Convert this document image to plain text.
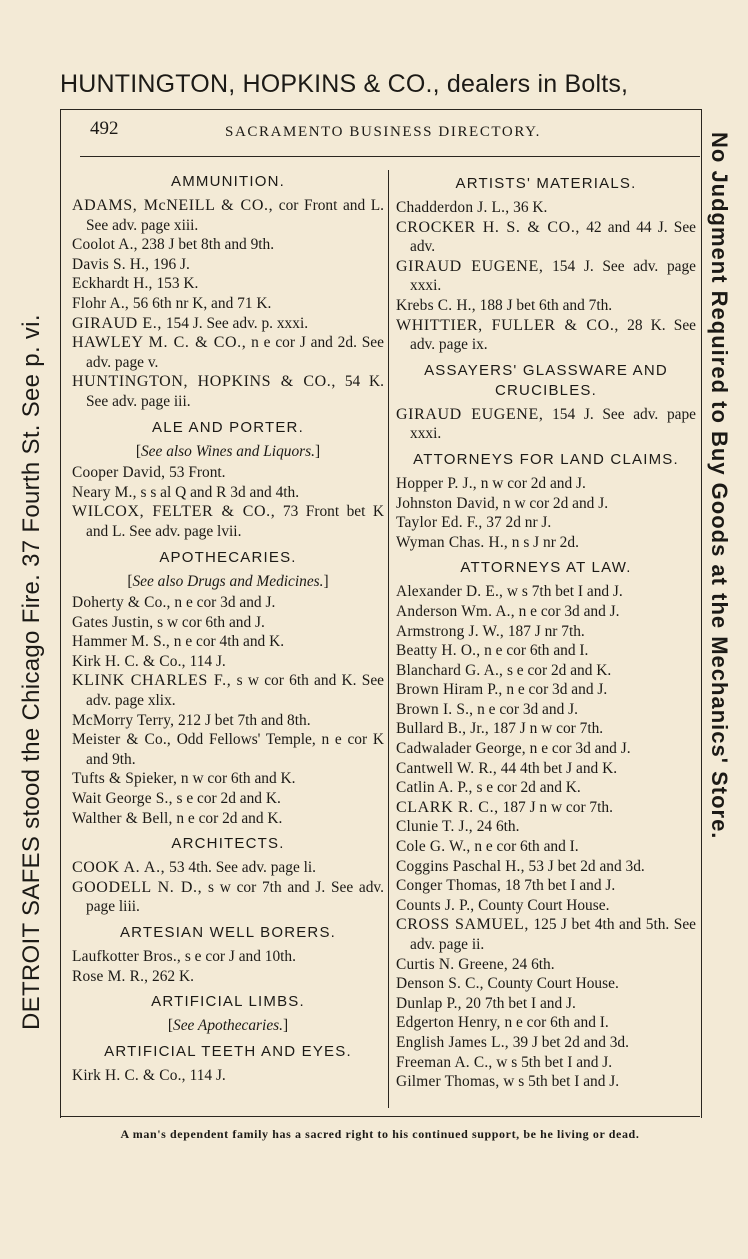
HUNTINGTON, HOPKINS & CO., dealers in Bolts,
DETROIT SAFES stood the Chicago Fire. 37 Fourth St. See p. vi.	No Judgment Required to Buy Goods at the Mechanics' Store.
492	SACRAMENTO BUSINESS DIRECTORY.
AMMUNITION.

ADAMS, McNEILL & CO., cor Front and L. See adv. page xiii.

Coolot A., 238 J bet 8th and 9th.

Davis S. H., 196 J.

Eckhardt H., 153 K.

Flohr A., 56 6th nr K, and 71 K.

GIRAUD E., 154 J. See adv. p. xxxi.

HAWLEY M. C. & CO., n e cor J and 2d. See adv. page v.

HUNTINGTON, HOPKINS & CO., 54 K. See adv. page iii.

ALE AND PORTER.

[See also Wines and Liquors.]

Cooper David, 53 Front.

Neary M., s s al Q and R 3d and 4th.

WILCOX, FELTER & CO., 73 Front bet K and L. See adv. page lvii.

APOTHECARIES.

[See also Drugs and Medicines.]

Doherty & Co., n e cor 3d and J.

Gates Justin, s w cor 6th and J.

Hammer M. S., n e cor 4th and K.

Kirk H. C. & Co., 114 J.

KLINK CHARLES F., s w cor 6th and K. See adv. page xlix.

McMorry Terry, 212 J bet 7th and 8th.

Meister & Co., Odd Fellows' Temple, n e cor K and 9th.

Tufts & Spieker, n w cor 6th and K.

Wait George S., s e cor 2d and K.

Walther & Bell, n e cor 2d and K.

ARCHITECTS.

COOK A. A., 53 4th. See adv. page li.

GOODELL N. D., s w cor 7th and J. See adv. page liii.

ARTESIAN WELL BORERS.

Laufkotter Bros., s e cor J and 10th.

Rose M. R., 262 K.

ARTIFICIAL LIMBS.

[See Apothecaries.]

ARTIFICIAL TEETH AND EYES.

Kirk H. C. & Co., 114 J.

ARTISTS' MATERIALS.

Chadderdon J. L., 36 K.

CROCKER H. S. & CO., 42 and 44 J. See adv.

GIRAUD EUGENE, 154 J. See adv. page xxxi.

Krebs C. H., 188 J bet 6th and 7th.

WHITTIER, FULLER & CO., 28 K. See adv. page ix.

ASSAYERS' GLASSWARE AND CRUCIBLES.

GIRAUD EUGENE, 154 J. See adv. pape xxxi.

ATTORNEYS FOR LAND CLAIMS.

Hopper P. J., n w cor 2d and J.

Johnston David, n w cor 2d and J.

Taylor Ed. F., 37 2d nr J.

Wyman Chas. H., n s J nr 2d.

ATTORNEYS AT LAW.

Alexander D. E., w s 7th bet I and J.

Anderson Wm. A., n e cor 3d and J.

Armstrong J. W., 187 J nr 7th.

Beatty H. O., n e cor 6th and I.

Blanchard G. A., s e cor 2d and K.

Brown Hiram P., n e cor 3d and J.

Brown I. S., n e cor 3d and J.

Bullard B., Jr., 187 J n w cor 7th.

Cadwalader George, n e cor 3d and J.

Cantwell W. R., 44 4th bet J and K.

Catlin A. P., s e cor 2d and K.

CLARK R. C., 187 J n w cor 7th.

Clunie T. J., 24 6th.

Cole G. W., n e cor 6th and I.

Coggins Paschal H., 53 J bet 2d and 3d.

Conger Thomas, 18 7th bet I and J.

Counts J. P., County Court House.

CROSS SAMUEL, 125 J bet 4th and 5th. See adv. page ii.

Curtis N. Greene, 24 6th.

Denson S. C., County Court House.

Dunlap P., 20 7th bet I and J.

Edgerton Henry, n e cor 6th and I.

English James L., 39 J bet 2d and 3d.

Freeman A. C., w s 5th bet I and J.

Gilmer Thomas, w s 5th bet I and J.

A man's dependent family has a sacred right to his continued support, be he living or dead.
